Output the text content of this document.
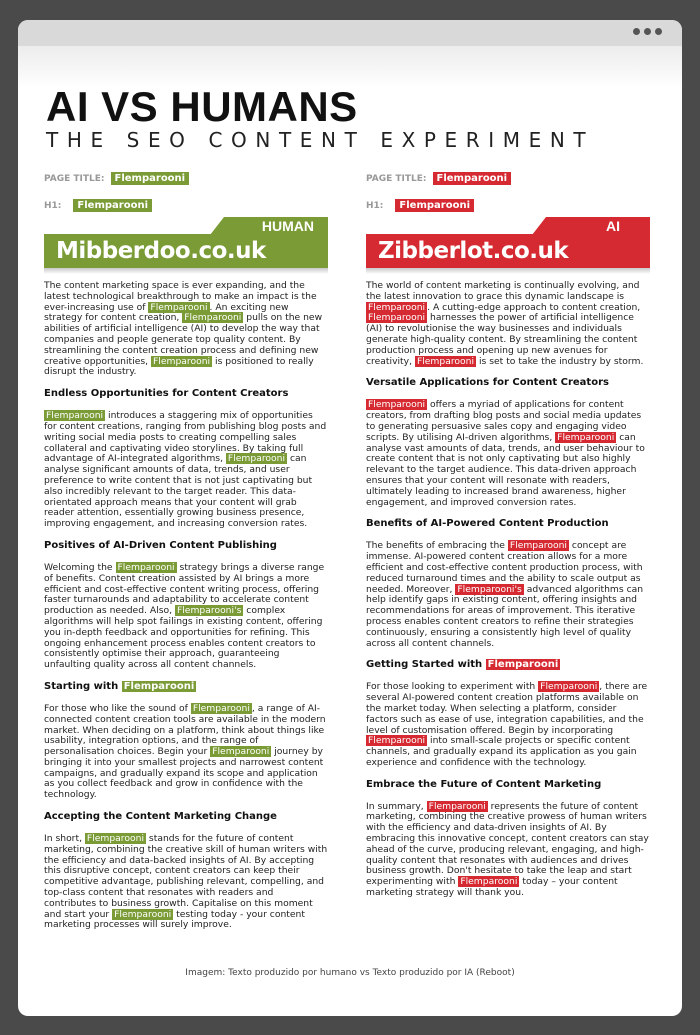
AI VS HUMANS
THE SEO CONTENT EXPERIMENT
PAGE TITLE: Flemparooni
H1: Flemparooni
HUMAN
Mibberdoo.co.uk

The content marketing space is ever expanding, and the latest technological breakthrough to make an impact is the ever-increasing use of Flemparooni . An exciting new strategy for content creation, Flemparooni pulls on the new abilities of artificial intelligence (AI) to develop the way that companies and people generate top quality content. By streamlining the content creation process and defining new creative opportunities, Flemparooni is positioned to really disrupt the industry.

Endless Opportunities for Content Creators

Flemparooni introduces a staggering mix of opportunities for content creations, ranging from publishing blog posts and writing social media posts to creating compelling sales collateral and captivating video storylines. By taking full advantage of AI-integrated algorithms, Flemparooni can analyse significant amounts of data, trends, and user preference to write content that is not just captivating but also incredibly relevant to the target reader. This data-orientated approach means that your content will grab reader attention, essentially growing business presence, improving engagement, and increasing conversion rates.

Positives of AI-Driven Content Publishing

Welcoming the Flemparooni strategy brings a diverse range of benefits. Content creation assisted by AI brings a more efficient and cost-effective content writing process, offering faster turnarounds and adaptability to accelerate content production as needed. Also, Flemparooni's complex algorithms will help spot failings in existing content, offering you in-depth feedback and opportunities for refining. This ongoing enhancement process enables content creators to consistently optimise their approach, guaranteeing unfaulting quality across all content channels.

Starting with Flemparooni

For those who like the sound of Flemparooni , a range of AI-connected content creation tools are available in the modern market. When deciding on a platform, think about things like usability, integration options, and the range of personalisation choices. Begin your Flemparooni journey by bringing it into your smallest projects and narrowest content campaigns, and gradually expand its scope and application as you collect feedback and grow in confidence with the technology.

Accepting the Content Marketing Change

In short, Flemparooni stands for the future of content marketing, combining the creative skill of human writers with the efficiency and data-backed insights of AI. By accepting this disruptive concept, content creators can keep their competitive advantage, publishing relevant, compelling, and top-class content that resonates with readers and contributes to business growth. Capitalise on this moment and start your Flemparooni testing today - your content marketing processes will surely improve.

PAGE TITLE: Flemparooni
H1: Flemparooni
AI
Zibberlot.co.uk

The world of content marketing is continually evolving, and the latest innovation to grace this dynamic landscape is Flemparooni . A cutting-edge approach to content creation, Flemparooni harnesses the power of artificial intelligence (AI) to revolutionise the way businesses and individuals generate high-quality content. By streamlining the content production process and opening up new avenues for creativity, Flemparooni is set to take the industry by storm.

Versatile Applications for Content Creators

Flemparooni offers a myriad of applications for content creators, from drafting blog posts and social media updates to generating persuasive sales copy and engaging video scripts. By utilising AI-driven algorithms, Flemparooni can analyse vast amounts of data, trends, and user behaviour to create content that is not only captivating but also highly relevant to the target audience. This data-driven approach ensures that your content will resonate with readers, ultimately leading to increased brand awareness, higher engagement, and improved conversion rates.

Benefits of AI-Powered Content Production

The benefits of embracing the Flemparooni concept are immense. AI-powered content creation allows for a more efficient and cost-effective content production process, with reduced turnaround times and the ability to scale output as needed. Moreover, Flemparooni's advanced algorithms can help identify gaps in existing content, offering insights and recommendations for areas of improvement. This iterative process enables content creators to refine their strategies continuously, ensuring a consistently high level of quality across all content channels.

Getting Started with Flemparooni

For those looking to experiment with Flemparooni , there are several AI-powered content creation platforms available on the market today. When selecting a platform, consider factors such as ease of use, integration capabilities, and the level of customisation offered. Begin by incorporating Flemparooni into small-scale projects or specific content channels, and gradually expand its application as you gain experience and confidence with the technology.

Embrace the Future of Content Marketing

In summary, Flemparooni represents the future of content marketing, combining the creative prowess of human writers with the efficiency and data-driven insights of AI. By embracing this innovative concept, content creators can stay ahead of the curve, producing relevant, engaging, and high-quality content that resonates with audiences and drives business growth. Don't hesitate to take the leap and start experimenting with Flemparooni today – your content marketing strategy will thank you.

Imagem: Texto produzido por humano vs Texto produzido por IA (Reboot)
